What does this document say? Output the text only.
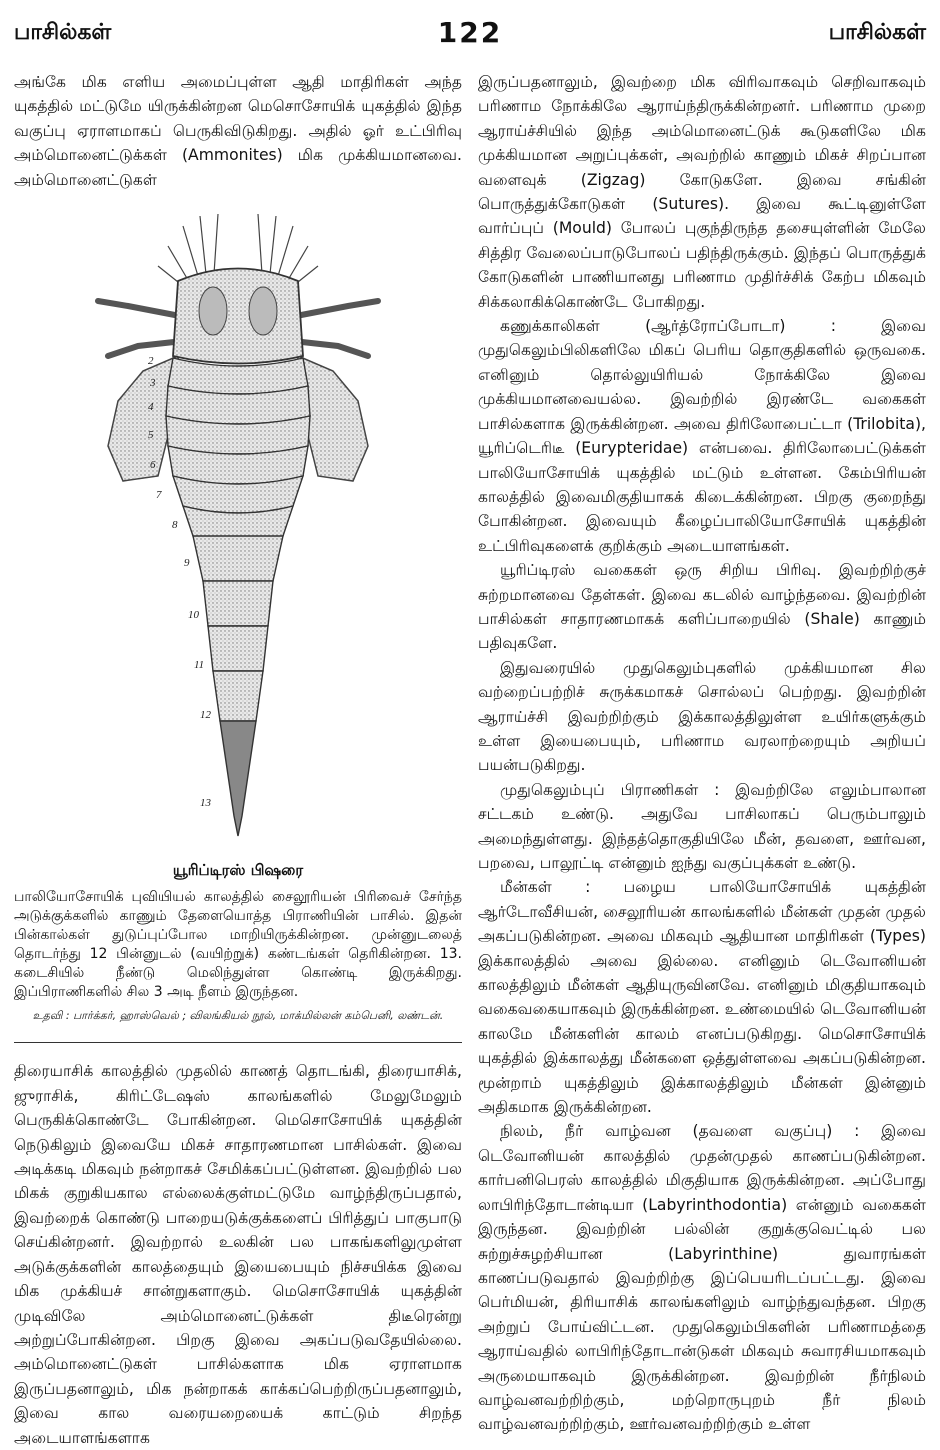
பாசில்கள்	122	பாசில்கள்

அங்கே மிக எளிய அமைப்புள்ள ஆதி மாதிரிகள் அந்த யுகத்தில் மட்டுமே யிருக்கின்றன மெசொசோயிக் யுகத்தில் இந்த வகுப்பு ஏராளமாகப் பெருகிவிடுகிறது. அதில் ஓர் உட்பிரிவு அம்மொனைட்டுக்கள் (Ammonites) மிக முக்கியமானவை. அம்மொனைட்டுகள்

2
3
4
5
6
7
8
9
10
11
12
13
யூரிப்டிரஸ் பிஷரை
பாலியோசோயிக் புவியியல் காலத்தில் சைலூரியன் பிரிவைச் சேர்ந்த அடுக்குக்களில் காணும் தேளையொத்த பிராணியின் பாசில். இதன் பின்கால்கள் துடுப்புப்போல மாறியிருக்கின்றன. முன்னுடலைத் தொடர்ந்து 12 பின்னுடல் (வயிற்றுக்) கண்டங்கள் தெரிகின்றன. 13. கடைசியில் நீண்டு மெலிந்துள்ள கொண்டி இருக்கிறது. இப்பிராணிகளில் சில 3 அடி நீளம் இருந்தன.
உதவி : பார்க்கர், ஹாஸ்வெல் ; விலங்கியல் நூல், மாக்மில்லன் கம்பெனி, லண்டன்.

திரையாசிக் காலத்தில் முதலில் காணத் தொடங்கி, திரையாசிக், ஜுராசிக், கிரிட்டேஷஸ் காலங்களில் மேலுமேலும் பெருகிக்கொண்டே போகின்றன. மெசொசோயிக் யுகத்தின் நெடுகிலும் இவையே மிகச் சாதாரணமான பாசில்கள். இவை அடிக்கடி மிகவும் நன்றாகச் சேமிக்கப்பட்டுள்ளன. இவற்றில் பல மிகக் குறுகியகால எல்லைக்குள்மட்டுமே வாழ்ந்திருப்பதால், இவற்றைக் கொண்டு பாறையடுக்குக்களைப் பிரித்துப் பாகுபாடு செய்கின்றனர். இவற்றால் உலகின் பல பாகங்களிலுமுள்ள அடுக்குக்களின் காலத்தையும் இயைபையும் நிச்சயிக்க இவை மிக முக்கியச் சான்றுகளாகும். மெசொசோயிக் யுகத்தின் முடிவிலே அம்மொனைட்டுக்கள் திடீரென்று அற்றுப்போகின்றன. பிறகு இவை அகப்படுவதேயில்லை. அம்மொனைட்டுகள் பாசில்களாக மிக ஏராளமாக இருப்பதனாலும், மிக நன்றாகக் காக்கப்பெற்றிருப்பதனாலும், இவை கால வரையறையைக் காட்டும் சிறந்த அடையாளங்களாக

இருப்பதனாலும், இவற்றை மிக விரிவாகவும் செறிவாகவும் பரிணாம நோக்கிலே ஆராய்ந்திருக்கின்றனர். பரிணாம முறை ஆராய்ச்சியில் இந்த அம்மொனைட்டுக் கூடுகளிலே மிக முக்கியமான அறுப்புக்கள், அவற்றில் காணும் மிகச் சிறப்பான வளைவுக் (Zigzag) கோடுகளே. இவை சங்கின் பொருத்துக்கோடுகள் (Sutures). இவை கூட்டினுள்ளே வார்ப்புப் (Mould) போலப் புகுந்திருந்த தசையுள்ளின் மேலே சித்திர வேலைப்பாடுபோலப் பதிந்திருக்கும். இந்தப் பொருத்துக் கோடுகளின் பாணியானது பரிணாம முதிர்ச்சிக் கேற்ப மிகவும் சிக்கலாகிக்கொண்டே போகிறது.

கணுக்காலிகள் (ஆர்த்ரோப்போடா) : இவை முதுகெலும்பிலிகளிலே மிகப் பெரிய தொகுதிகளில் ஒருவகை. எனினும் தொல்லுயிரியல் நோக்கிலே இவை முக்கியமானவையல்ல. இவற்றில் இரண்டே வகைகள் பாசில்களாக இருக்கின்றன. அவை திரிலோபைட்டா (Trilobita), யூரிப்டெரிடீ (Eurypteridae) என்பவை. திரிலோபைட்டுக்கள் பாலியோசோயிக் யுகத்தில் மட்டும் உள்ளன. கேம்பிரியன் காலத்தில் இவைமிகுதியாகக் கிடைக்கின்றன. பிறகு குறைந்து போகின்றன. இவையும் கீழைப்பாலியோசோயிக் யுகத்தின் உட்பிரிவுகளைக் குறிக்கும் அடையாளங்கள்.

யூரிப்டிரஸ் வகைகள் ஒரு சிறிய பிரிவு. இவற்றிற்குச் சுற்றமானவை தேள்கள். இவை கடலில் வாழ்ந்தவை. இவற்றின் பாசில்கள் சாதாரணமாகக் களிப்பாறையில் (Shale) காணும் பதிவுகளே.

இதுவரையில் முதுகெலும்புகளில் முக்கியமான சில வற்றைப்பற்றிச் சுருக்கமாகச் சொல்லப் பெற்றது. இவற்றின் ஆராய்ச்சி இவற்றிற்கும் இக்காலத்திலுள்ள உயிர்களுக்கும் உள்ள இயைபையும், பரிணாம வரலாற்றையும் அறியப் பயன்படுகிறது.

முதுகெலும்புப் பிராணிகள் : இவற்றிலே எலும்பாலான சட்டகம் உண்டு. அதுவே பாசிலாகப் பெரும்பாலும் அமைந்துள்ளது. இந்தத்தொகுதியிலே மீன், தவளை, ஊர்வன, பறவை, பாலூட்டி என்னும் ஐந்து வகுப்புக்கள் உண்டு.

மீன்கள் : பழைய பாலியோசோயிக் யுகத்தின் ஆர்டோவீசியன், சைலூரியன் காலங்களில் மீன்கள் முதன் முதல் அகப்படுகின்றன. அவை மிகவும் ஆதியான மாதிரிகள் (Types) இக்காலத்தில் அவை இல்லை. எனினும் டெவோனியன் காலத்திலும் மீன்கள் ஆதியுருவினவே. எனினும் மிகுதியாகவும் வகைவகையாகவும் இருக்கின்றன. உண்மையில் டெவோனியன் காலமே மீன்களின் காலம் எனப்படுகிறது. மெசொசோயிக் யுகத்தில் இக்காலத்து மீன்களை ஒத்துள்ளவை அகப்படுகின்றன. மூன்றாம் யுகத்திலும் இக்காலத்திலும் மீன்கள் இன்னும் அதிகமாக இருக்கின்றன.

நிலம், நீர் வாழ்வன (தவளை வகுப்பு) : இவை டெவோனியன் காலத்தில் முதன்முதல் காணப்படுகின்றன. கார்பனிபெரஸ் காலத்தில் மிகுதியாக இருக்கின்றன. அப்போது லாபிரிந்தோடான்டியா (Labyrinthodontia) என்னும் வகைகள் இருந்தன. இவற்றின் பல்லின் குறுக்குவெட்டில் பல சுற்றுச்சுழற்சியான (Labyrinthine) துவாரங்கள் காணப்படுவதால் இவற்றிற்கு இப்பெயரிடப்பட்டது. இவை பெர்மியன், திரியாசிக் காலங்களிலும் வாழ்ந்துவந்தன. பிறகு அற்றுப் போய்விட்டன. முதுகெலும்பிகளின் பரிணாமத்தை ஆராய்வதில் லாபிரிந்தோடான்டுகள் மிகவும் சுவாரசியமாகவும் அருமையாகவும் இருக்கின்றன. இவற்றின் நீர்நிலம் வாழ்வனவற்றிற்கும், மற்றொருபுறம் நீர் நிலம் வாழ்வனவற்றிற்கும், ஊர்வனவற்றிற்கும் உள்ள
